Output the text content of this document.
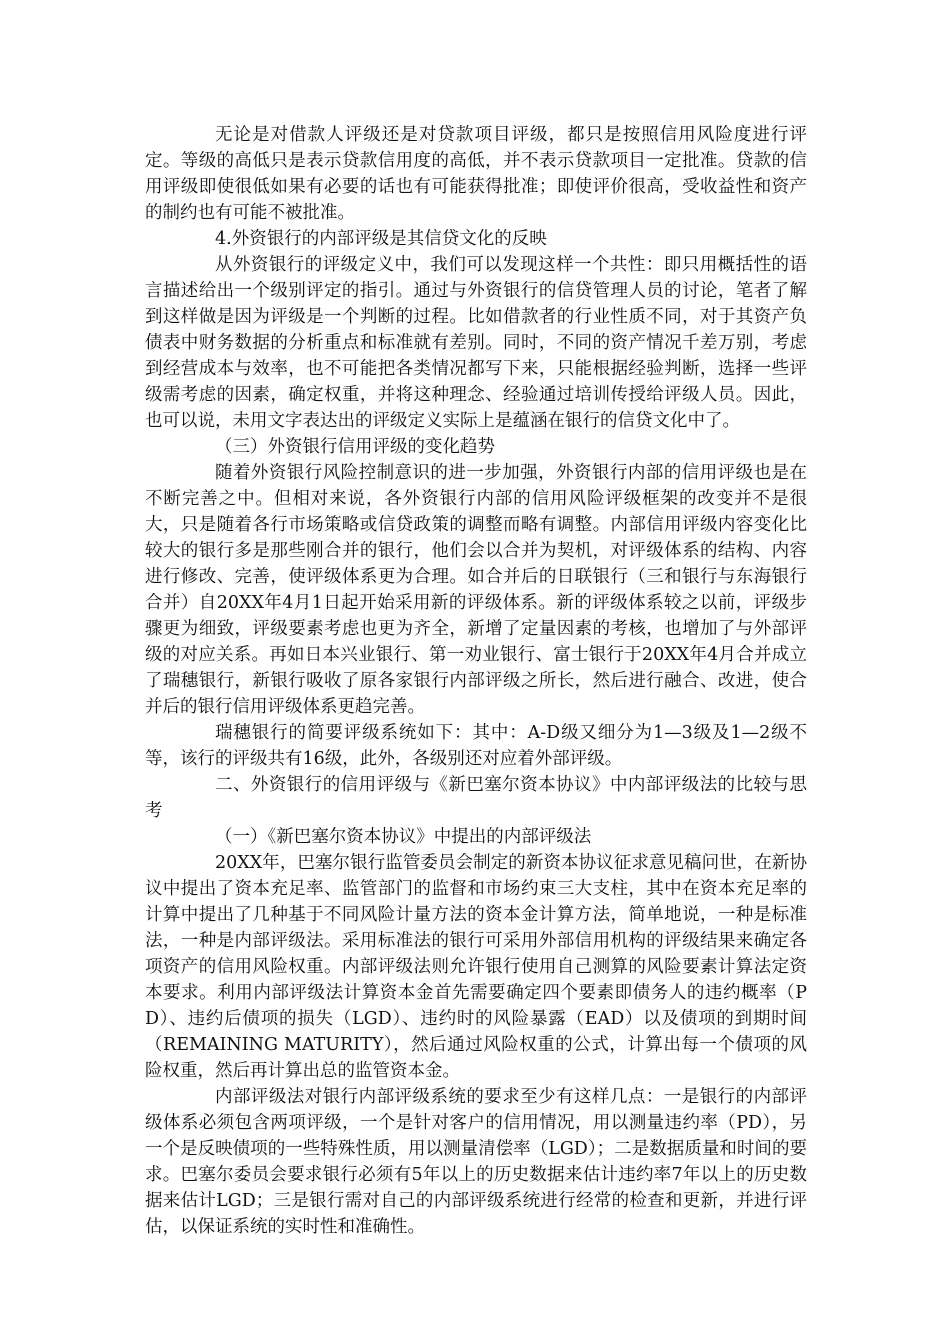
无论是对借款人评级还是对贷款项目评级，都只是按照信用风险度进行评定。等级的高低只是表示贷款信用度的高低，并不表示贷款项目一定批准。贷款的信用评级即使很低如果有必要的话也有可能获得批准；即使评价很高，受收益性和资产的制约也有可能不被批准。

4.外资银行的内部评级是其信贷文化的反映

从外资银行的评级定义中，我们可以发现这样一个共性：即只用概括性的语言描述给出一个级别评定的指引。通过与外资银行的信贷管理人员的讨论，笔者了解到这样做是因为评级是一个判断的过程。比如借款者的行业性质不同，对于其资产负债表中财务数据的分析重点和标准就有差别。同时，不同的资产情况千差万别，考虑到经营成本与效率，也不可能把各类情况都写下来，只能根据经验判断，选择一些评级需考虑的因素，确定权重，并将这种理念、经验通过培训传授给评级人员。因此，也可以说，未用文字表达出的评级定义实际上是蕴涵在银行的信贷文化中了。

（三）外资银行信用评级的变化趋势

随着外资银行风险控制意识的进一步加强，外资银行内部的信用评级也是在不断完善之中。但相对来说，各外资银行内部的信用风险评级框架的改变并不是很大，只是随着各行市场策略或信贷政策的调整而略有调整。内部信用评级内容变化比较大的银行多是那些刚合并的银行，他们会以合并为契机，对评级体系的结构、内容进行修改、完善，使评级体系更为合理。如合并后的日联银行（三和银行与东海银行合并）自20XX年4月1日起开始采用新的评级体系。新的评级体系较之以前，评级步骤更为细致，评级要素考虑也更为齐全，新增了定量因素的考核，也增加了与外部评级的对应关系。再如日本兴业银行、第一劝业银行、富士银行于20XX年4月合并成立了瑞穗银行，新银行吸收了原各家银行内部评级之所长，然后进行融合、改进，使合并后的银行信用评级体系更趋完善。

瑞穗银行的简要评级系统如下：其中：A-D级又细分为1—3级及1—2级不等，该行的评级共有16级，此外，各级别还对应着外部评级。

二、外资银行的信用评级与《新巴塞尔资本协议》中内部评级法的比较与思考

（一）《新巴塞尔资本协议》中提出的内部评级法

20XX年，巴塞尔银行监管委员会制定的新资本协议征求意见稿问世，在新协议中提出了资本充足率、监管部门的监督和市场约束三大支柱，其中在资本充足率的计算中提出了几种基于不同风险计量方法的资本金计算方法，简单地说，一种是标准法，一种是内部评级法。采用标准法的银行可采用外部信用机构的评级结果来确定各项资产的信用风险权重。内部评级法则允许银行使用自己测算的风险要素计算法定资本要求。利用内部评级法计算资本金首先需要确定四个要素即债务人的违约概率（PD）、违约后债项的损失（LGD）、违约时的风险暴露（EAD）以及债项的到期时间（REMAINING MATURITY），然后通过风险权重的公式，计算出每一个债项的风险权重，然后再计算出总的监管资本金。

内部评级法对银行内部评级系统的要求至少有这样几点：一是银行的内部评级体系必须包含两项评级，一个是针对客户的信用情况，用以测量违约率（PD），另一个是反映债项的一些特殊性质，用以测量清偿率（LGD）；二是数据质量和时间的要求。巴塞尔委员会要求银行必须有5年以上的历史数据来估计违约率7年以上的历史数据来估计LGD；三是银行需对自己的内部评级系统进行经常的检查和更新，并进行评估，以保证系统的实时性和准确性。
